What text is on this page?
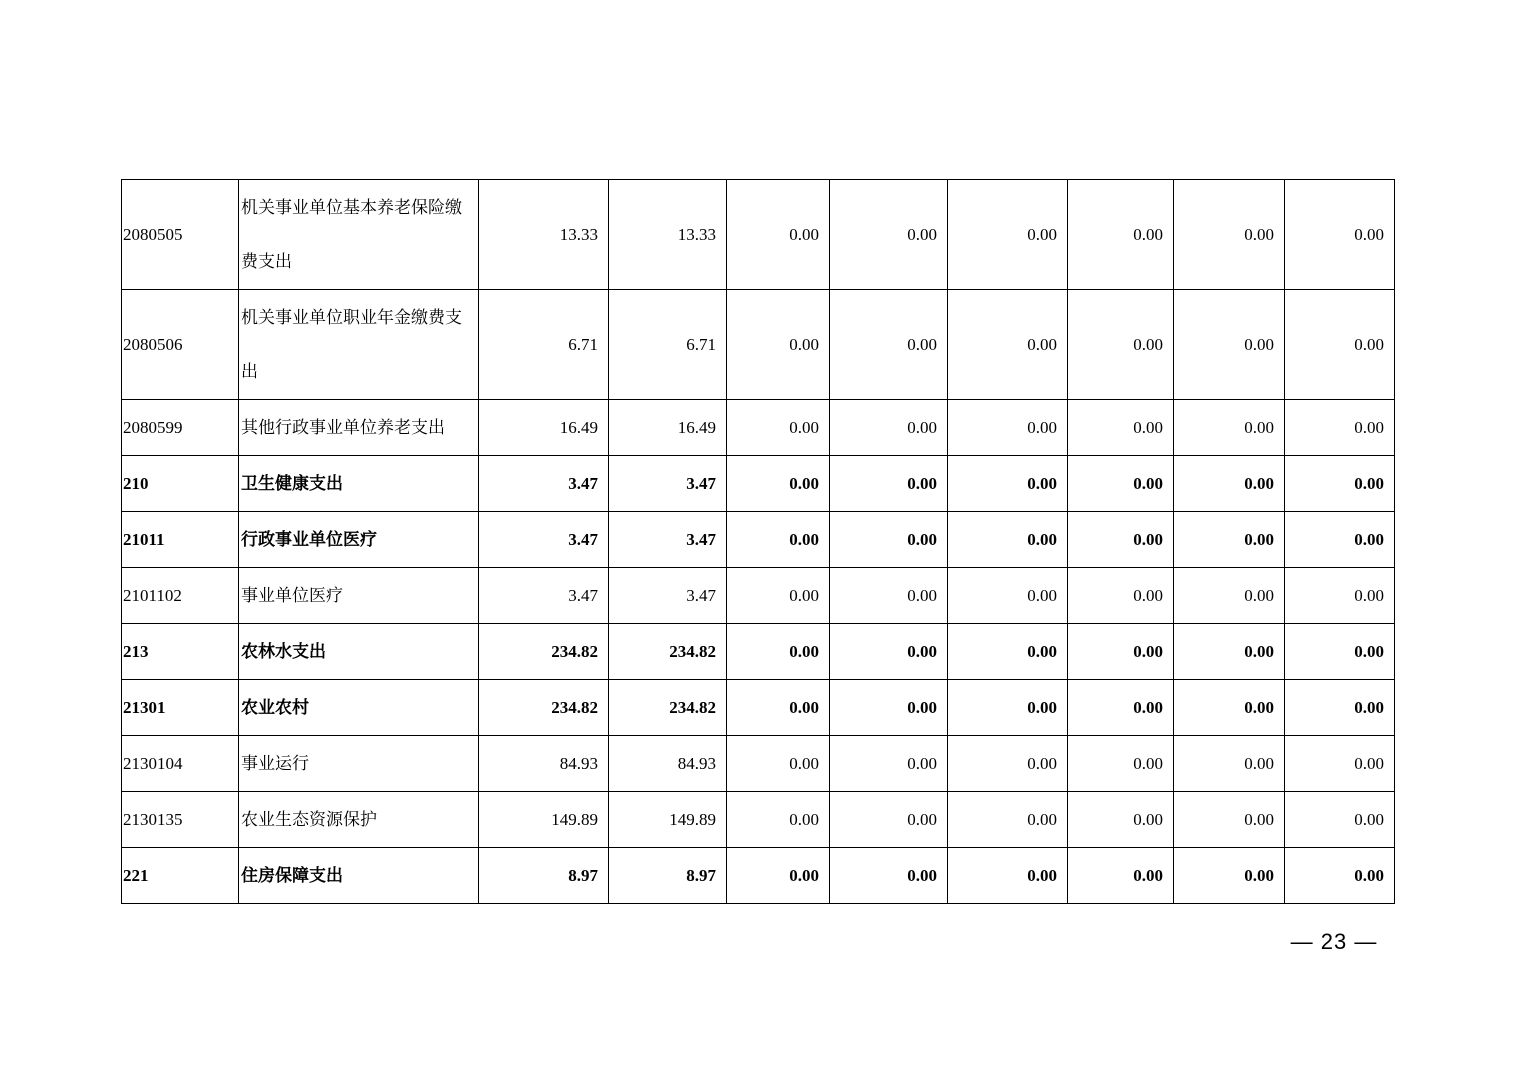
2080505	机关事业单位基本养老保险缴费支出	13.33	13.33	0.00	0.00	0.00	0.00	0.00	0.00
2080506	机关事业单位职业年金缴费支出	6.71	6.71	0.00	0.00	0.00	0.00	0.00	0.00
2080599	其他行政事业单位养老支出	16.49	16.49	0.00	0.00	0.00	0.00	0.00	0.00
210	卫生健康支出	3.47	3.47	0.00	0.00	0.00	0.00	0.00	0.00
21011	行政事业单位医疗	3.47	3.47	0.00	0.00	0.00	0.00	0.00	0.00
2101102	事业单位医疗	3.47	3.47	0.00	0.00	0.00	0.00	0.00	0.00
213	农林水支出	234.82	234.82	0.00	0.00	0.00	0.00	0.00	0.00
21301	农业农村	234.82	234.82	0.00	0.00	0.00	0.00	0.00	0.00
2130104	事业运行	84.93	84.93	0.00	0.00	0.00	0.00	0.00	0.00
2130135	农业生态资源保护	149.89	149.89	0.00	0.00	0.00	0.00	0.00	0.00
221	住房保障支出	8.97	8.97	0.00	0.00	0.00	0.00	0.00	0.00
— 23 —
